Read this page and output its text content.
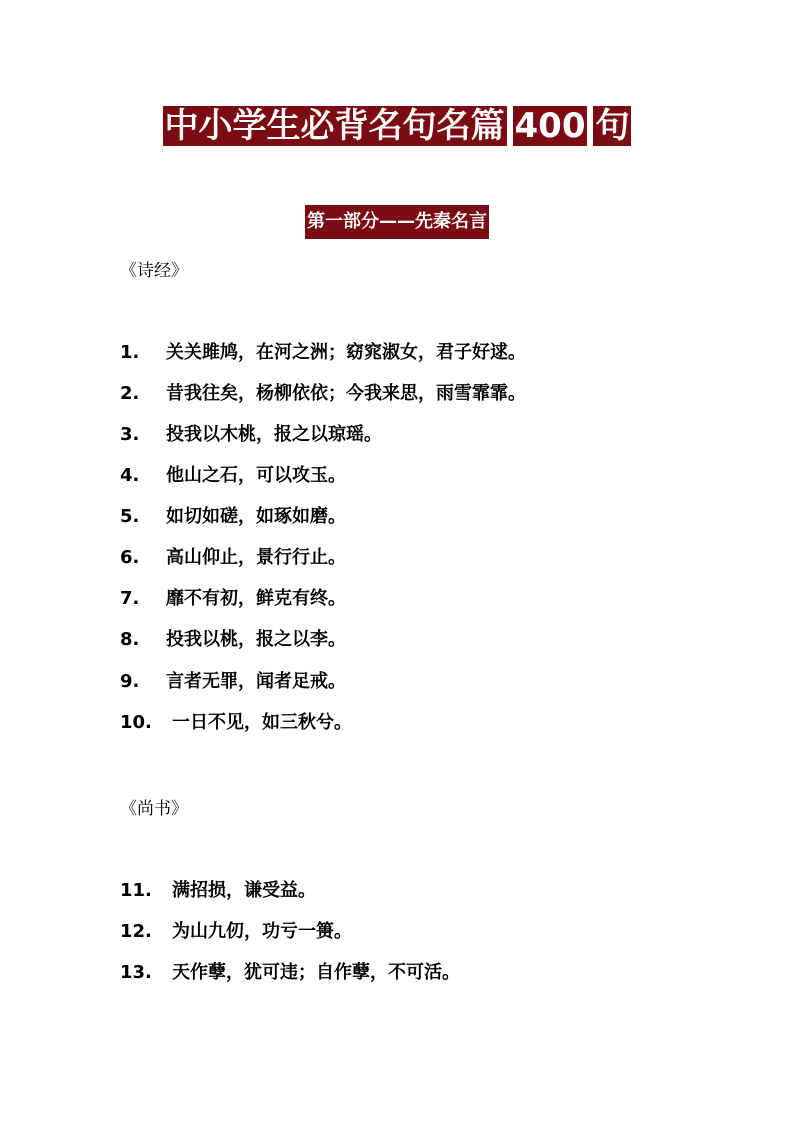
中小学生必背名句名篇 400 句
第一部分——先秦名言
《诗经》
1. 关关雎鸠，在河之洲；窈窕淑女，君子好逑。
2. 昔我往矣，杨柳依依；今我来思，雨雪霏霏。
3. 投我以木桃，报之以琼瑶。
4. 他山之石，可以攻玉。
5. 如切如磋，如琢如磨。
6. 高山仰止，景行行止。
7. 靡不有初，鲜克有终。
8. 投我以桃，报之以李。
9. 言者无罪，闻者足戒。
10. 一日不见，如三秋兮。
《尚书》
11. 满招损，谦受益。
12. 为山九仞，功亏一篑。
13. 天作孽，犹可违；自作孽，不可活。
